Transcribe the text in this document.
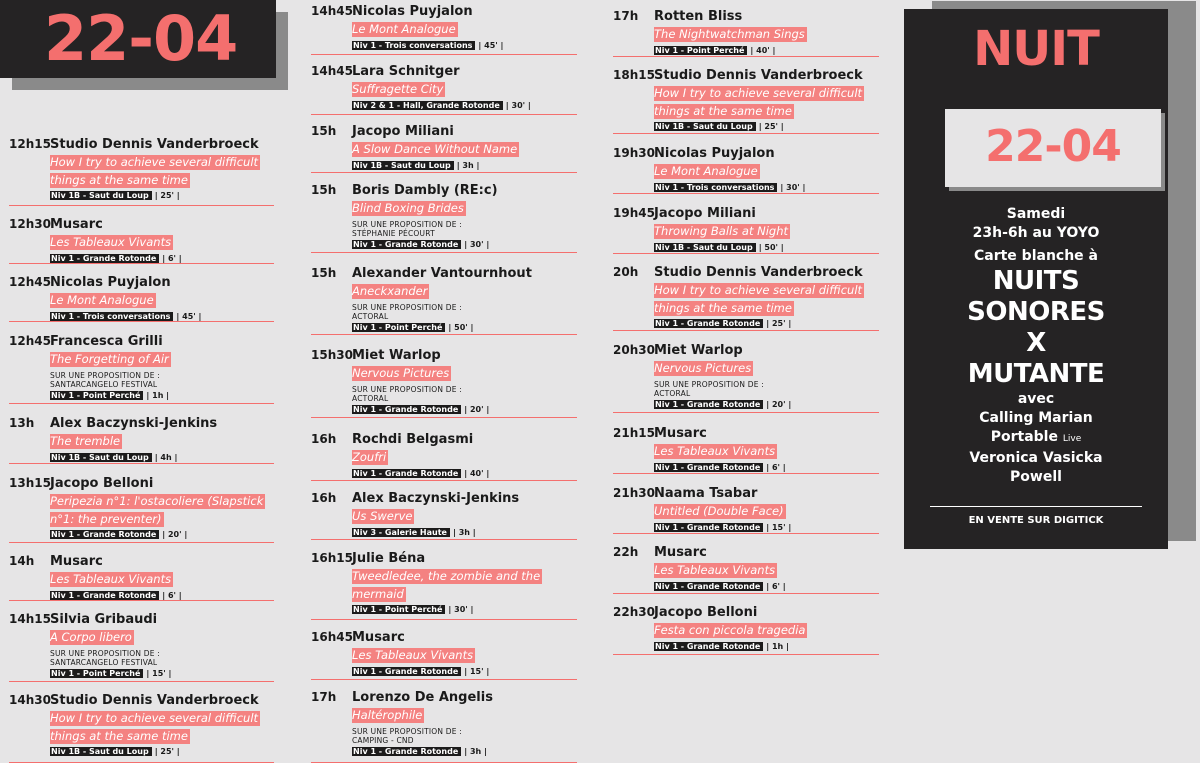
22-04
12h15 Studio Dennis Vanderbroeck
How I try to achieve several difficult things at the same time
Niv 1B - Saut du Loup | 25' |
12h30 Musarc
Les Tableaux Vivants
Niv 1 - Grande Rotonde | 6' |
12h45 Nicolas Puyjalon
Le Mont Analogue
Niv 1 - Trois conversations | 45' |
12h45 Francesca Grilli
The Forgetting of Air
SUR UNE PROPOSITION DE :
SANTARCANGELO FESTIVAL
Niv 1 - Point Perché | 1h |
13h Alex Baczynski-Jenkins
The tremble
Niv 1B - Saut du Loup | 4h |
13h15 Jacopo Belloni
Peripezia n°1: l'ostacoliere (Slapstick n°1: the preventer)
Niv 1 - Grande Rotonde | 20' |
14h Musarc
Les Tableaux Vivants
Niv 1 - Grande Rotonde | 6' |
14h15 Silvia Gribaudi
A Corpo libero
SUR UNE PROPOSITION DE :
SANTARCANGELO FESTIVAL
Niv 1 - Point Perché | 15' |
14h30 Studio Dennis Vanderbroeck
How I try to achieve several difficult things at the same time
Niv 1B - Saut du Loup | 25' |
14h45 Nicolas Puyjalon
Le Mont Analogue
Niv 1 - Trois conversations | 45' |
14h45 Lara Schnitger
Suffragette City
Niv 2 & 1 - Hall, Grande Rotonde | 30' |
15h Jacopo Miliani
A Slow Dance Without Name
Niv 1B - Saut du Loup | 3h |
15h Boris Dambly (RE:c)
Blind Boxing Brides
SUR UNE PROPOSITION DE :
STÉPHANIE PÉCOURT
Niv 1 - Grande Rotonde | 30' |
15h Alexander Vantournhout
Aneckxander
SUR UNE PROPOSITION DE :
ACTORAL
Niv 1 - Point Perché | 50' |
15h30 Miet Warlop
Nervous Pictures
SUR UNE PROPOSITION DE :
ACTORAL
Niv 1 - Grande Rotonde | 20' |
16h Rochdi Belgasmi
Zoufri
Niv 1 - Grande Rotonde | 40' |
16h Alex Baczynski-Jenkins
Us Swerve
Niv 3 - Galerie Haute | 3h |
16h15 Julie Béna
Tweedledee, the zombie and the mermaid
Niv 1 - Point Perché | 30' |
16h45 Musarc
Les Tableaux Vivants
Niv 1 - Grande Rotonde | 15' |
17h Lorenzo De Angelis
Haltérophile
SUR UNE PROPOSITION DE :
CAMPING - CND
Niv 1 - Grande Rotonde | 3h |
17h Rotten Bliss
The Nightwatchman Sings
Niv 1 - Point Perché | 40' |
18h15 Studio Dennis Vanderbroeck
How I try to achieve several difficult things at the same time
Niv 1B - Saut du Loup | 25' |
19h30 Nicolas Puyjalon
Le Mont Analogue
Niv 1 - Trois conversations | 30' |
19h45 Jacopo Miliani
Throwing Balls at Night
Niv 1B - Saut du Loup | 50' |
20h Studio Dennis Vanderbroeck
How I try to achieve several difficult things at the same time
Niv 1 - Grande Rotonde | 25' |
20h30 Miet Warlop
Nervous Pictures
SUR UNE PROPOSITION DE :
ACTORAL
Niv 1 - Grande Rotonde | 20' |
21h15 Musarc
Les Tableaux Vivants
Niv 1 - Grande Rotonde | 6' |
21h30 Naama Tsabar
Untitled (Double Face)
Niv 1 - Grande Rotonde | 15' |
22h Musarc
Les Tableaux Vivants
Niv 1 - Grande Rotonde | 6' |
22h30 Jacopo Belloni
Festa con piccola tragedia
Niv 1 - Grande Rotonde | 1h |
NUIT
22-04
Samedi
23h-6h au YOYO
Carte blanche à
NUITS
SONORES
X
MUTANTE
avec
Calling Marian
Portable Live
Veronica Vasicka
Powell
EN VENTE SUR DIGITICK
